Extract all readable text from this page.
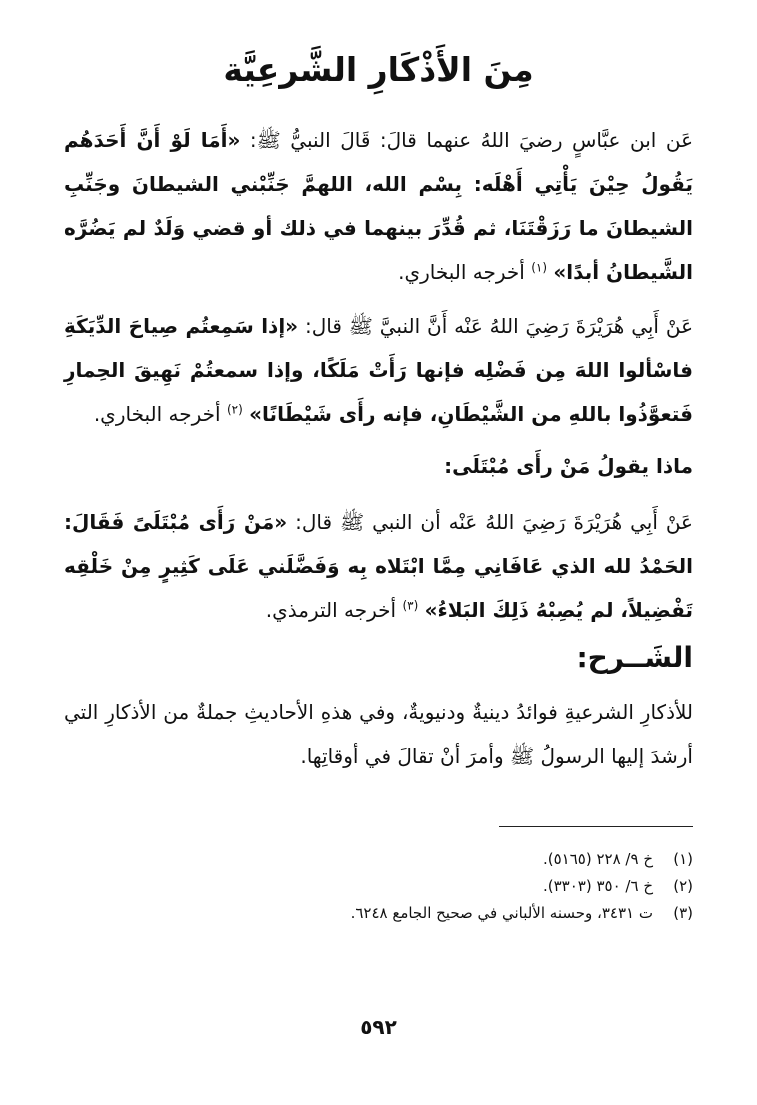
مِنَ الأَذْكَارِ الشَّرعِيَّة

عَن ابن عبَّاسٍ رضيَ اللهُ عنهما قالَ: قَالَ النبيُّ ﷺ: «أَمَا لَوْ أَنَّ أَحَدَهُم يَقُولُ حِيْنَ يَأْتِي أَهْلَه: بِسْم الله، اللهمَّ جَنِّبْني الشيطانَ وجَنِّبِ الشيطانَ ما رَزَقْتَنَا، ثم قُدِّرَ بينهما في ذلك أو قضي وَلَدٌ لم يَضُرَّه الشَّيطانُ أبدًا» $^{(١)}$ أخرجه البخاري.

عَنْ أَبِي هُرَيْرَةَ رَضِيَ اللهُ عَنْه أَنَّ النبيَّ ﷺ قال: «إذا سَمِعتُم صِياحَ الدِّيَكَةِ فاسْألوا اللهَ مِن فَضْلِه فإنها رَأَتْ مَلَكًا، وإذا سمعتُمْ نَهِيقَ الحِمارِ فَتعوَّذُوا باللهِ من الشَّيْطَانِ، فإنه رأَى شَيْطَانًا» $^{(٢)}$ أخرجه البخاري.

ماذا يقولُ مَنْ رأَى مُبْتَلَى:

عَنْ أَبِي هُرَيْرَةَ رَضِيَ اللهُ عَنْه أن النبي ﷺ قال: «مَنْ رَأَى مُبْتَلَىً فَقَالَ: الحَمْدُ لله الذي عَافَانِي مِمَّا ابْتَلاه بِه وَفَضَّلَني عَلَى كَثِيرٍ مِنْ خَلْقِه تَفْضِيلاً، لم يُصِبْهُ ذَلِكَ البَلاءُ» $^{(٣)}$ أخرجه الترمذي.

الشَــرح:

للأذكارِ الشرعيةِ فوائدُ دينيةٌ ودنيويةٌ، وفي هذهِ الأحاديثِ جملةٌ من الأذكارِ التي أرشدَ إليها الرسولُ ﷺ وأمرَ أنْ تقالَ في أوقاتِها.

(١)
خ ٩/ ٢٢٨ (٥١٦٥).

(٢)
خ ٦/ ٣٥٠ (٣٣٠٣).

(٣)
ت ٣٤٣١، وحسنه الألباني في صحيح الجامع ٦٢٤٨.

٥٩٢
